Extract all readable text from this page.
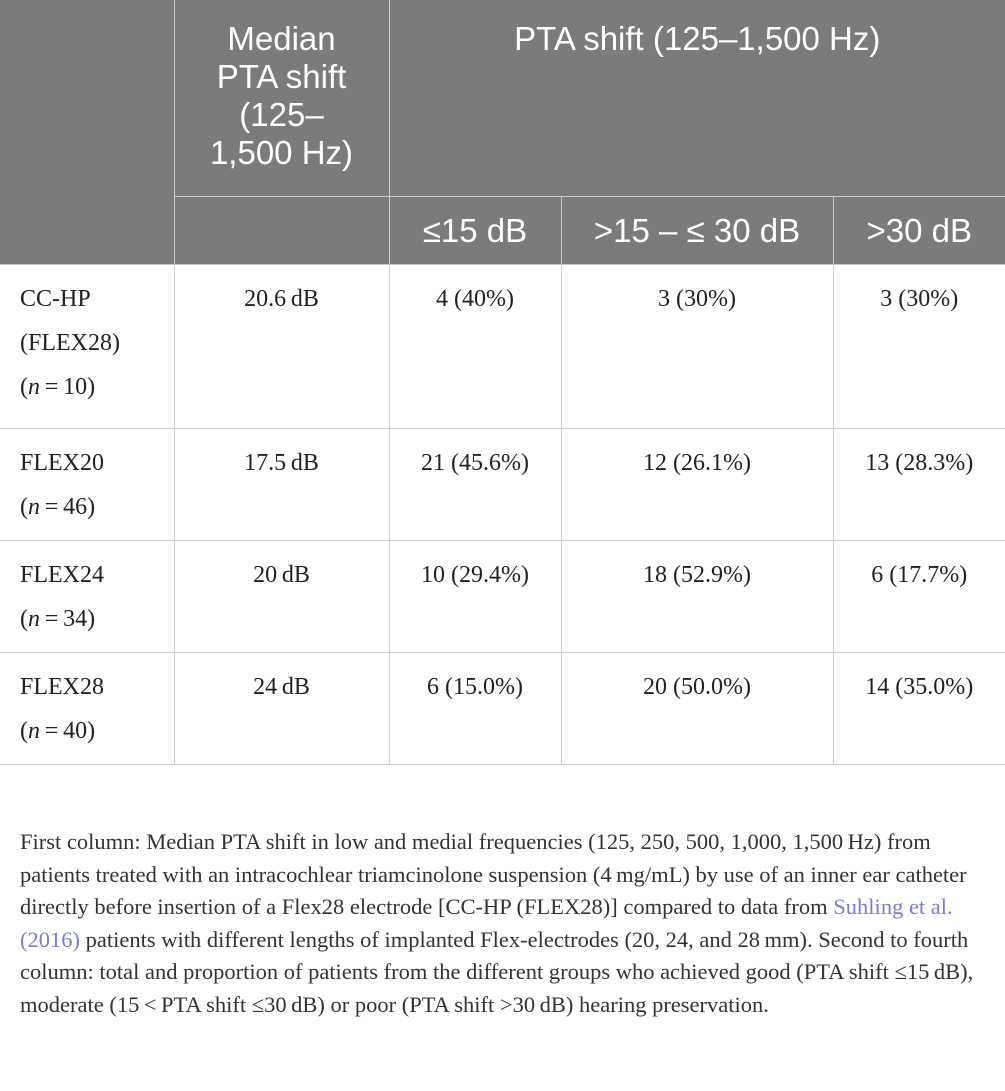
	Median
PTA shift
(125–
1,500 Hz)	PTA shift (125–1,500 Hz)		

		≤15 dB	>15 – ≤ 30 dB	>30 dB
CC-HP
(FLEX28)
(n = 10)	20.6 dB	4 (40%)	3 (30%)	3 (30%)
FLEX20
(n = 46)	17.5 dB	21 (45.6%)	12 (26.1%)	13 (28.3%)
FLEX24
(n = 34)	20 dB	10 (29.4%)	18 (52.9%)	6 (17.7%)
FLEX28
(n = 40)	24 dB	6 (15.0%)	20 (50.0%)	14 (35.0%)

First column: Median PTA shift in low and medial frequencies (125, 250, 500, 1,000, 1,500 Hz) from patients treated with an intracochlear triamcinolone suspension (4 mg/mL) by use of an inner ear catheter directly before insertion of a Flex28 electrode [CC-HP (FLEX28)] compared to data from Suhling et al. (2016) patients with different lengths of implanted Flex-electrodes (20, 24, and 28 mm). Second to fourth column: total and proportion of patients from the different groups who achieved good (PTA shift ≤15 dB), moderate (15 < PTA shift ≤30 dB) or poor (PTA shift >30 dB) hearing preservation.
